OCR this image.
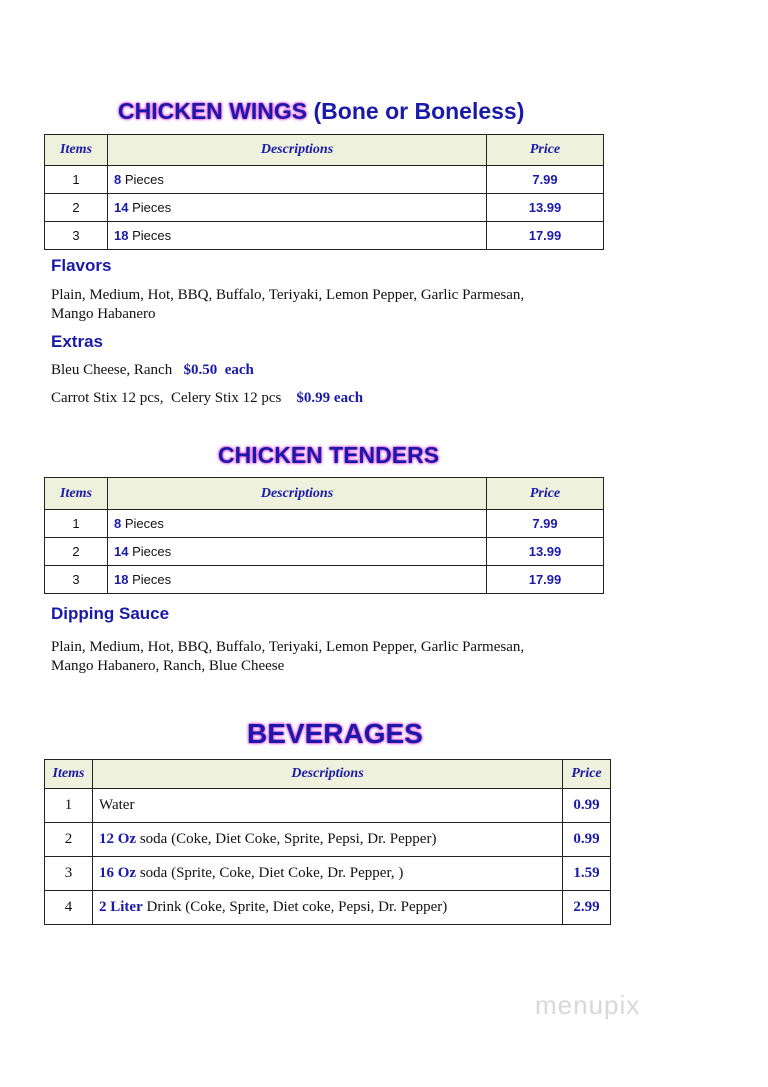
CHICKEN WINGS (Bone or Boneless)
Items	Descriptions	Price
1	8 Pieces	7.99
2	14 Pieces	13.99
3	18 Pieces	17.99
Flavors
Plain, Medium, Hot, BBQ, Buffalo, Teriyaki, Lemon Pepper, Garlic Parmesan,
Mango Habanero
Extras
Bleu Cheese, Ranch $0.50  each
Carrot Stix 12 pcs,  Celery Stix 12 pcs $0.99 each
CHICKEN TENDERS
Items	Descriptions	Price
1	8 Pieces	7.99
2	14 Pieces	13.99
3	18 Pieces	17.99
Dipping Sauce
Plain, Medium, Hot, BBQ, Buffalo, Teriyaki, Lemon Pepper, Garlic Parmesan,
Mango Habanero, Ranch, Blue Cheese
BEVERAGES
Items	Descriptions	Price
1	Water	0.99
2	12 Oz soda (Coke, Diet Coke, Sprite, Pepsi, Dr. Pepper)	0.99
3	16 Oz soda (Sprite, Coke, Diet Coke, Dr. Pepper, )	1.59
4	2 Liter Drink (Coke, Sprite, Diet coke, Pepsi, Dr. Pepper)	2.99
menupix
